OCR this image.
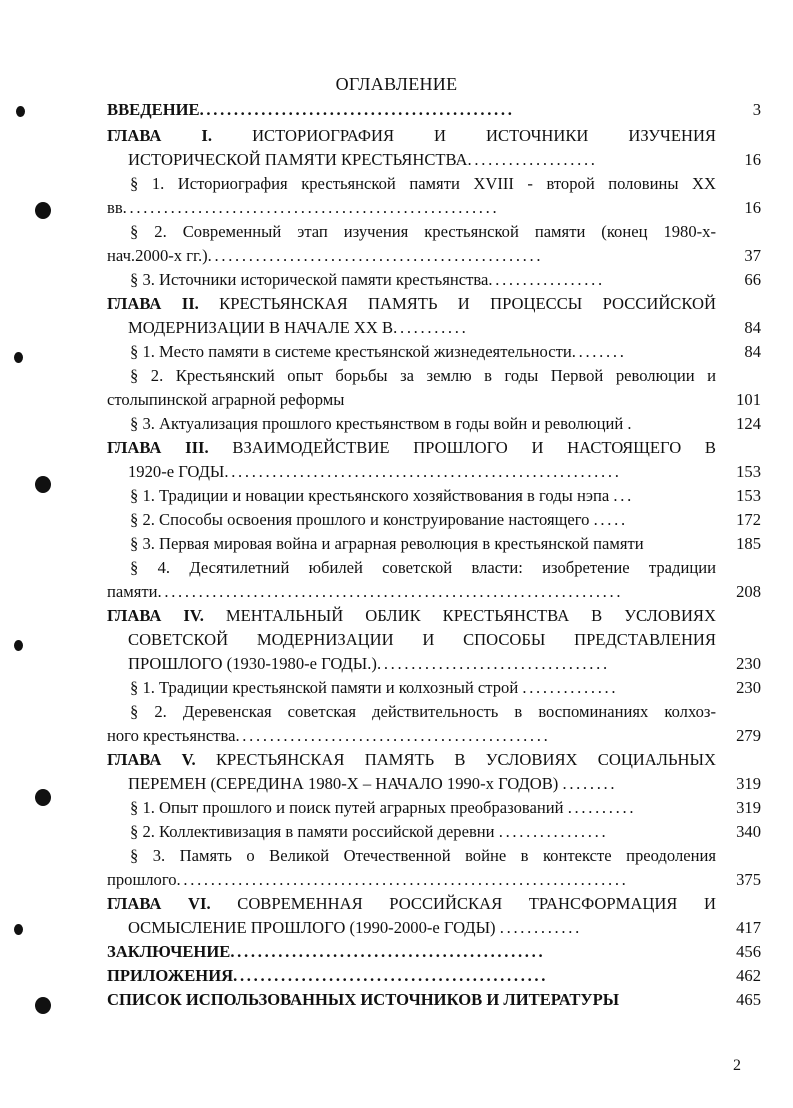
ОГЛАВЛЕНИЕ
ВВЕДЕНИЕ..............................................	3
ГЛАВА I. ИСТОРИОГРАФИЯ И ИСТОЧНИКИ ИЗУЧЕНИЯ
ИСТОРИЧЕСКОЙ ПАМЯТИ КРЕСТЬЯНСТВА...................	16
§ 1. Историография крестьянской памяти XVIII - второй половины XX
вв.......................................................	16
§ 2. Современный этап изучения крестьянской памяти (конец 1980-х-
нач.2000-х гг.).................................................	37
§ 3. Источники исторической памяти крестьянства.................	66
ГЛАВА II. КРЕСТЬЯНСКАЯ ПАМЯТЬ И ПРОЦЕССЫ РОССИЙСКОЙ
МОДЕРНИЗАЦИИ В НАЧАЛЕ XX В...........	84
§ 1. Место памяти в системе крестьянской жизнедеятельности........	84
§ 2. Крестьянский опыт борьбы за землю в годы Первой революции и
столыпинской аграрной реформы	101
§ 3. Актуализация прошлого крестьянством в годы войн и революций .	124
ГЛАВА III. ВЗАИМОДЕЙСТВИЕ ПРОШЛОГО И НАСТОЯЩЕГО В
1920-е ГОДЫ..........................................................	153
§ 1. Традиции и новации крестьянского хозяйствования в годы нэпа ...	153
§ 2. Способы освоения прошлого и конструирование настоящего .....	172
§ 3. Первая мировая война и аграрная революция в крестьянской памяти	185
§ 4. Десятилетний юбилей советской власти: изобретение традиции
памяти....................................................................	208
ГЛАВА IV. МЕНТАЛЬНЫЙ ОБЛИК КРЕСТЬЯНСТВА В УСЛОВИЯХ
СОВЕТСКОЙ МОДЕРНИЗАЦИИ И СПОСОБЫ ПРЕДСТАВЛЕНИЯ
ПРОШЛОГО (1930-1980-е ГОДЫ.)..................................	230
§ 1. Традиции крестьянской памяти и колхозный строй ..............	230
§ 2. Деревенская советская действительность в воспоминаниях колхоз-
ного крестьянства..............................................	279
ГЛАВА V. КРЕСТЬЯНСКАЯ ПАМЯТЬ В УСЛОВИЯХ СОЦИАЛЬНЫХ
ПЕРЕМЕН (СЕРЕДИНА 1980-Х – НАЧАЛО 1990-х ГОДОВ) ........	319
§ 1. Опыт прошлого и поиск путей аграрных преобразований ..........	319
§ 2. Коллективизация в памяти российской деревни ................	340
§ 3. Память о Великой Отечественной войне в контексте преодоления
прошлого..................................................................	375
ГЛАВА VI. СОВРЕМЕННАЯ РОССИЙСКАЯ ТРАНСФОРМАЦИЯ И
ОСМЫСЛЕНИЕ ПРОШЛОГО (1990-2000-е ГОДЫ) ............	417
ЗАКЛЮЧЕНИЕ..............................................	456
ПРИЛОЖЕНИЯ..............................................	462
СПИСОК ИСПОЛЬЗОВАННЫХ ИСТОЧНИКОВ И ЛИТЕРАТУРЫ	465
2
